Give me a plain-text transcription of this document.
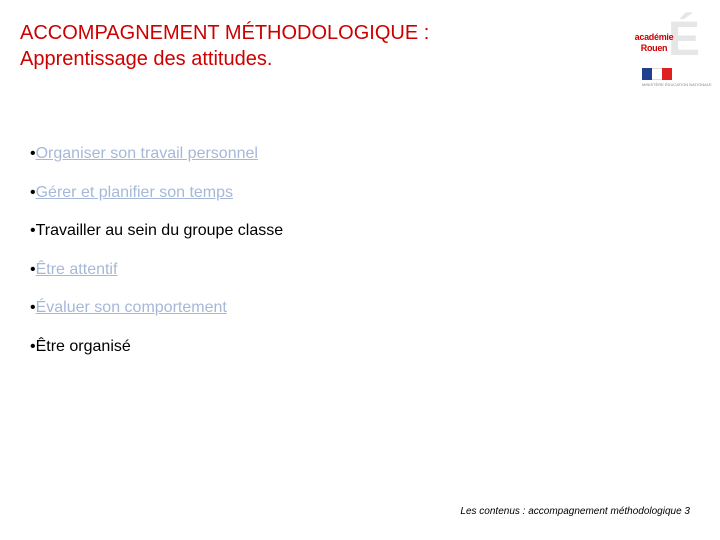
ACCOMPAGNEMENT MÉTHODOLOGIQUE :
Apprentissage des attitudes.	É
académie
Rouen
MINISTÈRE ÉDUCATION NATIONALE
•Organiser son travail personnel
•Gérer et planifier son temps
•Travailler au sein du groupe classe
•Être attentif
•Évaluer son comportement
•Être organisé
Les contenus : accompagnement méthodologique 3
